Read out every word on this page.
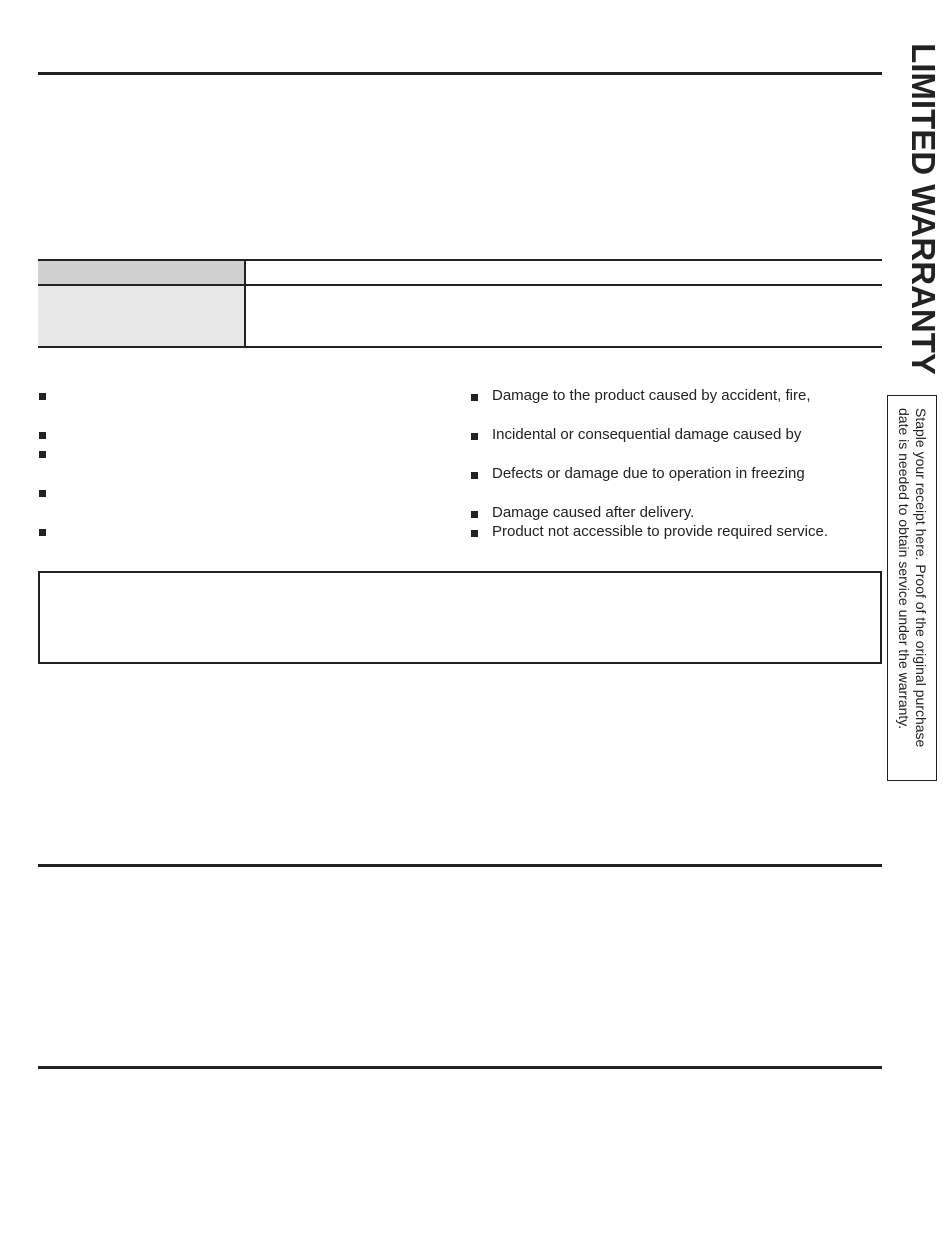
Damage to the product caused by accident, fire,
Incidental or consequential damage caused by
Defects or damage due to operation in freezing
Damage caused after delivery.
Product not accessible to provide required service.
LIMITED WARRANTY
Staple your receipt here. Proof of the original purchase
date is needed to obtain service under the warranty.
